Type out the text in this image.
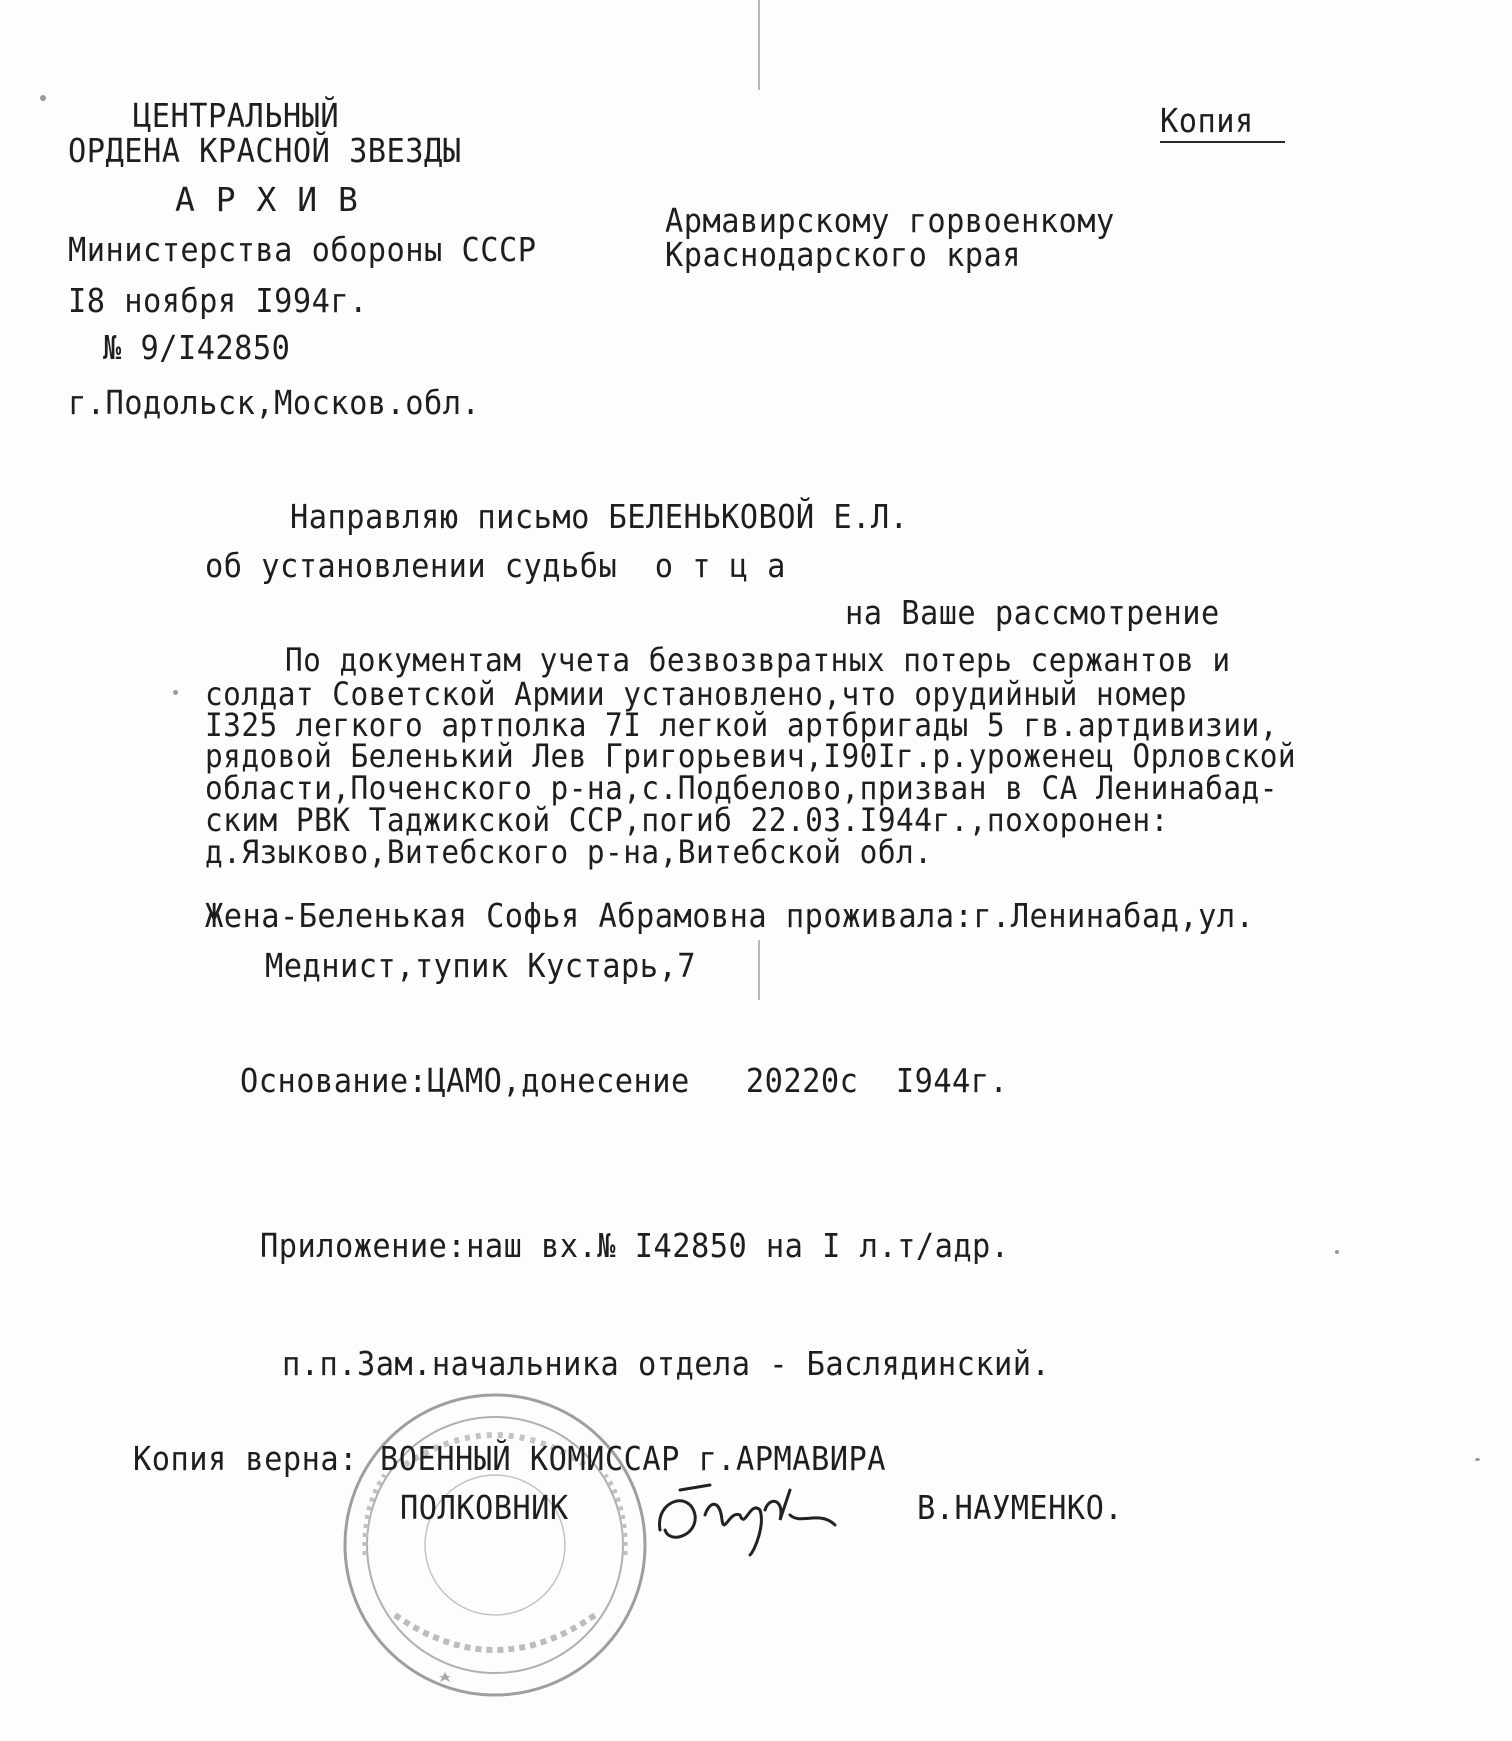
ЦЕНТРАЛЬНЫЙ
ОРДЕНА КРАСНОЙ ЗВЕЗДЫ
А Р Х И В
Министерства обороны СССР
I8 ноября I994г.
№ 9/I42850
г.Подольск,Москов.обл.
Копия
Армавирскому горвоенкому
Краснодарского края
Направляю письмо БЕЛЕНЬКОВОЙ Е.Л.
об установлении судьбы  о т ц а
на Ваше рассмотрение
По документам учета безвозвратных потерь сержантов и
солдат Советской Армии установлено,что орудийный номер
I325 легкого артполка 7I легкой артбригады 5 гв.артдивизии,
рядовой Беленький Лев Григорьевич,I90Iг.р.уроженец Орловской
области,Поченского р-на,с.Подбелово,призван в СА Ленинабад-
ским РВК Таджикской ССР,погиб 22.03.I944г.,похоронен:
д.Языково,Витебского р-на,Витебской обл.
Жена-Беленькая Софья Абрамовна проживала:г.Ленинабад,ул.
Меднист,тупик Кустарь,7
Основание:ЦАМО,донесение   20220с  I944г.
Приложение:наш вх.№ I42850 на I л.т/адр.
п.п.Зам.начальника отдела - Баслядинский.
Копия верна: ВОЕННЫЙ КОМИССАР г.АРМАВИРА
ПОЛКОВНИК	В.НАУМЕНКО.
